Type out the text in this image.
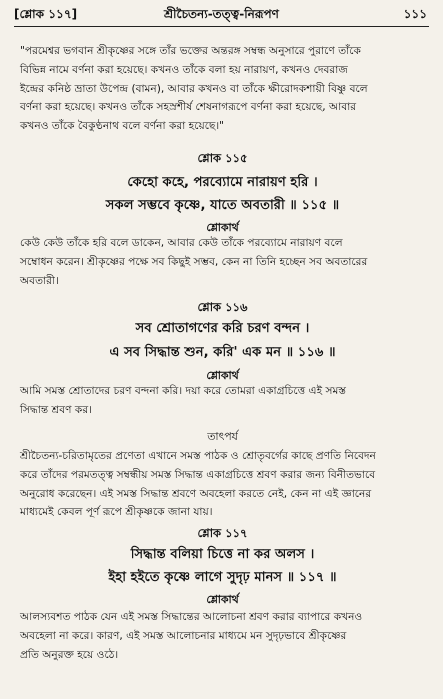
[শ্লোক ১১৭]	শ্রীচৈতন্য-তত্ত্ব-নিরূপণ	১১১

"পরমেশ্বর ভগবান শ্রীকৃষ্ণের সঙ্গে তাঁর ভক্তের অন্তরঙ্গ সম্বন্ধ অনুসারে পুরাণে তাঁকে

বিভিন্ন নামে বর্ণনা করা হয়েছে। কখনও তাঁকে বলা হয় নারায়ণ, কখনও দেবরাজ

ইন্দ্রের কনিষ্ঠ ভ্রাতা উপেন্দ্র (বামন), আবার কখনও বা তাঁকে ক্ষীরোদকশায়ী বিষ্ণু বলে

বর্ণনা করা হয়েছে। কখনও তাঁকে সহস্রশীর্ষ শেষনাগরূপে বর্ণনা করা হয়েছে, আবার

কখনও তাঁকে বৈকুণ্ঠনাথ বলে বর্ণনা করা হয়েছে।"

শ্লোক ১১৫
কেহো কহে, পরব্যোমে নারায়ণ হরি ।
সকল সম্ভবে কৃষ্ণে, যাতে অবতারী ॥ ১১৫ ॥
শ্লোকার্থ

কেউ কেউ তাঁকে হরি বলে ডাকেন, আবার কেউ তাঁকে পরব্যোমে নারায়ণ বলে

সম্বোধন করেন। শ্রীকৃষ্ণের পক্ষে সব কিছুই সম্ভব, কেন না তিনি হচ্ছেন সব অবতারের

অবতারী।

শ্লোক ১১৬
সব শ্রোতাগণের করি চরণ বন্দন ।
এ সব সিদ্ধান্ত শুন, করি' এক মন ॥ ১১৬ ॥
শ্লোকার্থ

আমি সমস্ত শ্রোতাদের চরণ বন্দনা করি। দয়া করে তোমরা একাগ্রচিত্তে এই সমস্ত

সিদ্ধান্ত শ্রবণ কর।

তাৎপর্য

শ্রীচৈতন্য-চরিতামৃতের প্রণেতা এখানে সমস্ত পাঠক ও শ্রোতৃবর্গের কাছে প্রণতি নিবেদন

করে তাঁদের পরমতত্ত্ব সম্বন্ধীয় সমস্ত সিদ্ধান্ত একাগ্রচিত্তে শ্রবণ করার জন্য বিনীতভাবে

অনুরোধ করেছেন। এই সমস্ত সিদ্ধান্ত শ্রবণে অবহেলা করতে নেই, কেন না এই জ্ঞানের

মাধ্যমেই কেবল পূর্ণ রূপে শ্রীকৃষ্ণকে জানা যায়।

শ্লোক ১১৭
সিদ্ধান্ত বলিয়া চিত্তে না কর অলস ।
ইহা হইতে কৃষ্ণে লাগে সুদৃঢ় মানস ॥ ১১৭ ॥
শ্লোকার্থ

আলস্যবশত পাঠক যেন এই সমস্ত সিদ্ধান্তের আলোচনা শ্রবণ করার ব্যাপারে কখনও

অবহেলা না করে। কারণ, এই সমস্ত আলোচনার মাধ্যমে মন সুদৃঢ়ভাবে শ্রীকৃষ্ণের

প্রতি অনুরক্ত হয়ে ওঠে।
